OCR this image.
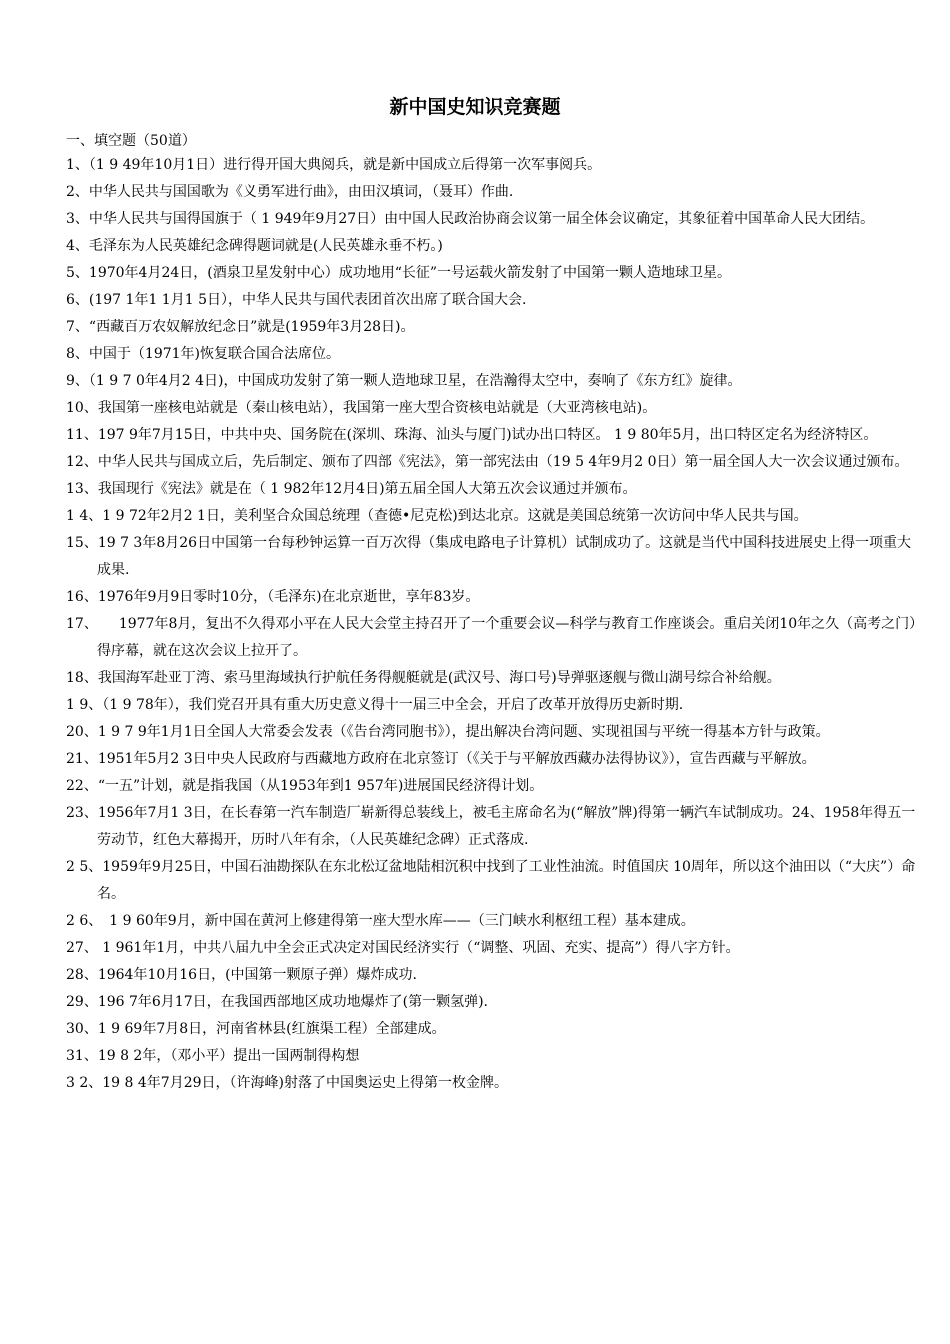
新中国史知识竞赛题
一、填空题（50道）
1、（1 9 49年10月1日）进行得开国大典阅兵，就是新中国成立后得第一次军事阅兵。
2、中华人民共与国国歌为《义勇军进行曲》，由田汉填词，（聂耳）作曲.
3、中华人民共与国得国旗于（ 1 949年9月27日）由中国人民政治协商会议第一届全体会议确定，其象征着中国革命人民大团结。
4、毛泽东为人民英雄纪念碑得题词就是(人民英雄永垂不朽。)
5、1970年4月24日，(酒泉卫星发射中心）成功地用“长征”一号运载火箭发射了中国第一颗人造地球卫星。
6、(197 1年1 1月1 5日），中华人民共与国代表团首次出席了联合国大会.
7、“西藏百万农奴解放纪念日”就是(1959年3月28日)。
8、中国于（1971年)恢复联合国合法席位。
9、（1 9 7 0年4月2 4日)，中国成功发射了第一颗人造地球卫星，在浩瀚得太空中，奏响了《东方红》旋律。
10、我国第一座核电站就是（秦山核电站），我国第一座大型合资核电站就是（大亚湾核电站)。
11、197 9年7月15日，中共中央、国务院在(深圳、珠海、汕头与厦门)试办出口特区。 1 9 80年5月，出口特区定名为经济特区。
12、中华人民共与国成立后，先后制定、颁布了四部《宪法》，第一部宪法由（19 5 4年9月2 0日）第一届全国人大一次会议通过颁布。
13、我国现行《宪法》就是在（ 1 982年12月4日)第五届全国人大第五次会议通过并颁布。
1 4、1 9 72年2月2 1日，美利坚合众国总统理（查德•尼克松)到达北京。这就是美国总统第一次访问中华人民共与国。
15、19 7 3年8月26日中国第一台每秒钟运算一百万次得（集成电路电子计算机）试制成功了。这就是当代中国科技进展史上得一项重大成果.
16、1976年9月9日零时10分，（毛泽东)在北京逝世，享年83岁。
17、　　1977年8月，复出不久得邓小平在人民大会堂主持召开了一个重要会议—科学与教育工作座谈会。重启关闭10年之久（高考之门）得序幕，就在这次会议上拉开了。
18、我国海军赴亚丁湾、索马里海域执行护航任务得舰艇就是(武汉号、海口号)导弹驱逐舰与微山湖号综合补给舰。
1 9、（1 9 78年），我们党召开具有重大历史意义得十一届三中全会，开启了改革开放得历史新时期.
20、1 9 7 9年1月1日全国人大常委会发表（《告台湾同胞书》），提出解决台湾问题、实现祖国与平统一得基本方针与政策。
21、1951年5月2 3日中央人民政府与西藏地方政府在北京签订（《关于与平解放西藏办法得协议》），宣告西藏与平解放。
22、“一五”计划，就是指我国（从1953年到1 957年)进展国民经济得计划。
23、1956年7月1 3日，在长春第一汽车制造厂崭新得总装线上，被毛主席命名为(“解放”牌)得第一辆汽车试制成功。24、1958年得五一劳动节，红色大幕揭开，历时八年有余，（人民英雄纪念碑）正式落成.
2 5、1959年9月25日，中国石油勘探队在东北松辽盆地陆相沉积中找到了工业性油流。时值国庆 10周年，所以这个油田以（“大庆”）命名。
2 6、　1 9 60年9月，新中国在黄河上修建得第一座大型水库——（三门峡水利枢纽工程）基本建成。
27、 1 961年1月，中共八届九中全会正式决定对国民经济实行（“调整、巩固、充实、提高”）得八字方针。
28、1964年10月16日，(中国第一颗原子弹）爆炸成功.
29、196 7年6月17日，在我国西部地区成功地爆炸了(第一颗氢弹).
30、1 9 69年7月8日，河南省林县(红旗渠工程）全部建成。
31、19 8 2年，（邓小平）提出一国两制得构想
3 2、19 8 4年7月29日，（许海峰)射落了中国奥运史上得第一枚金牌。
